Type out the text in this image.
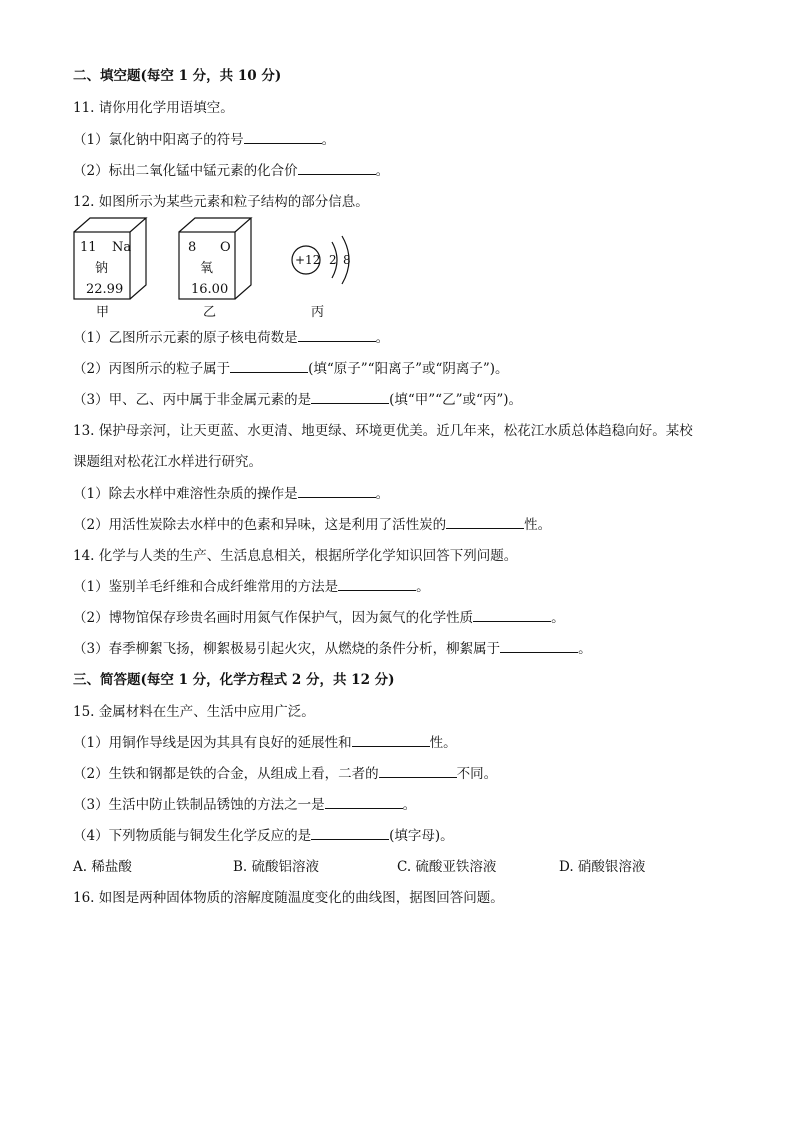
二、填空题(每空 1 分，共 10 分)
11. 请你用化学用语填空。
（1）氯化钠中阳离子的符号	。
（2）标出二氧化锰中锰元素的化合价	。
12. 如图所示为某些元素和粒子结构的部分信息。
11 Na
钠
22.99
8 O
氧
16.00
+12 2 8
甲	乙	丙
（1）乙图所示元素的原子核电荷数是	。
（2）丙图所示的粒子属于	(填“原子”“阳离子”或“阴离子”)。
（3）甲、乙、丙中属于非金属元素的是	(填“甲”“乙”或“丙”)。
13. 保护母亲河，让天更蓝、水更清、地更绿、环境更优美。近几年来，松花江水质总体趋稳向好。某校
课题组对松花江水样进行研究。
（1）除去水样中难溶性杂质的操作是	。
（2）用活性炭除去水样中的色素和异味，这是利用了活性炭的	性。
14. 化学与人类的生产、生活息息相关，根据所学化学知识回答下列问题。
（1）鉴别羊毛纤维和合成纤维常用的方法是	。
（2）博物馆保存珍贵名画时用氮气作保护气，因为氮气的化学性质	。
（3）春季柳絮飞扬，柳絮极易引起火灾，从燃烧的条件分析，柳絮属于	。
三、简答题(每空 1 分，化学方程式 2 分，共 12 分)
15. 金属材料在生产、生活中应用广泛。
（1）用铜作导线是因为其具有良好的延展性和	性。
（2）生铁和钢都是铁的合金，从组成上看，二者的	不同。
（3）生活中防止铁制品锈蚀的方法之一是	。
（4）下列物质能与铜发生化学反应的是	(填字母)。
A. 稀盐酸	B. 硫酸铝溶液	C. 硫酸亚铁溶液	D. 硝酸银溶液
16. 如图是两种固体物质的溶解度随温度变化的曲线图，据图回答问题。
